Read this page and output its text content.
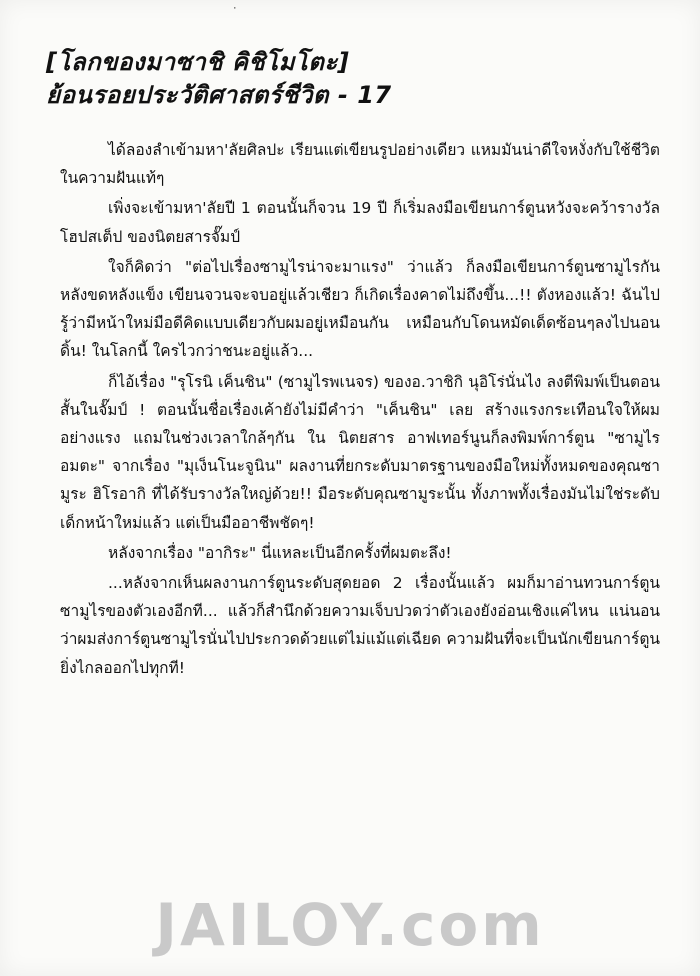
[โลกของมาซาชิ คิชิโมโตะ]
ย้อนรอยประวัติศาสตร์ชีวิต - 17

ได้ลองลำเข้ามหา'ลัยศิลปะ เรียนแต่เขียนรูปอย่างเดียว แหมมันน่าดีใจหงั่งกับใช้ชีวิตในความฝันแท้ๆ

เพิ่งจะเข้ามหา'ลัยปี 1 ตอนนั้นก็จวน 19 ปี ก็เริ่มลงมือเขียนการ์ตูนหวังจะคว้ารางวัลโฮปสเต็ป ของนิตยสารจั๊มป์

ใจก็คิดว่า "ต่อไปเรื่องซามูไรน่าจะมาแรง" ว่าแล้ว ก็ลงมือเขียนการ์ตูนซามูไรกันหลังขดหลังแข็ง เขียนจวนจะจบอยู่แล้วเชียว ก็เกิดเรื่องคาดไม่ถึงขึ้น...!! ตังหองแล้ว! ฉันไปรู้ว่ามีหน้าใหม่มือดีคิดแบบเดียวกับผมอยู่เหมือนกัน เหมือนกับโดนหมัดเด็ดซ้อนๆลงไปนอนดิ้น! ในโลกนี้ ใครไวกว่าชนะอยู่แล้ว...

ก็ไอ้เรื่อง "รุโรนิ เค็นชิน" (ซามูไรพเนจร) ของอ.วาชิกิ นุอิโร่นั่นไง ลงตีพิมพ์เป็นตอนสั้นในจั๊มป์ ! ตอนนั้นชื่อเรื่องเค้ายังไม่มีคำว่า "เค็นชิน" เลย สร้างแรงกระเทือนใจให้ผมอย่างแรง แถมในช่วงเวลาใกล้ๆกัน ใน นิตยสาร อาฟเทอร์นูนก็ลงพิมพ์การ์ตูน "ซามูไรอมตะ" จากเรื่อง "มุเง็นโนะจูนิน" ผลงานที่ยกระดับมาตรฐานของมือใหม่ทั้งหมดของคุณซามูระ ฮิโรอากิ ที่ได้รับรางวัลใหญ่ด้วย!! มือระดับคุณซามูระนั้น ทั้งภาพทั้งเรื่องมันไม่ใช่ระดับเด็กหน้าใหม่แล้ว แต่เป็นมืออาชีพชัดๆ!

หลังจากเรื่อง "อากิระ" นี่แหละเป็นอีกครั้งที่ผมตะลึง!

...หลังจากเห็นผลงานการ์ตูนระดับสุดยอด 2 เรื่องนั้นแล้ว ผมก็มาอ่านทวนการ์ตูนซามูไรของตัวเองอีกที... แล้วก็สำนึกด้วยความเจ็บปวดว่าตัวเองยังอ่อนเชิงแค่ไหน แน่นอนว่าผมส่งการ์ตูนซามูไรนั่นไปประกวดด้วยแต่ไม่แม้แต่เฉียด ความฝันที่จะเป็นนักเขียนการ์ตูน ยิ่งไกลออกไปทุกที!

JAILOY.com
